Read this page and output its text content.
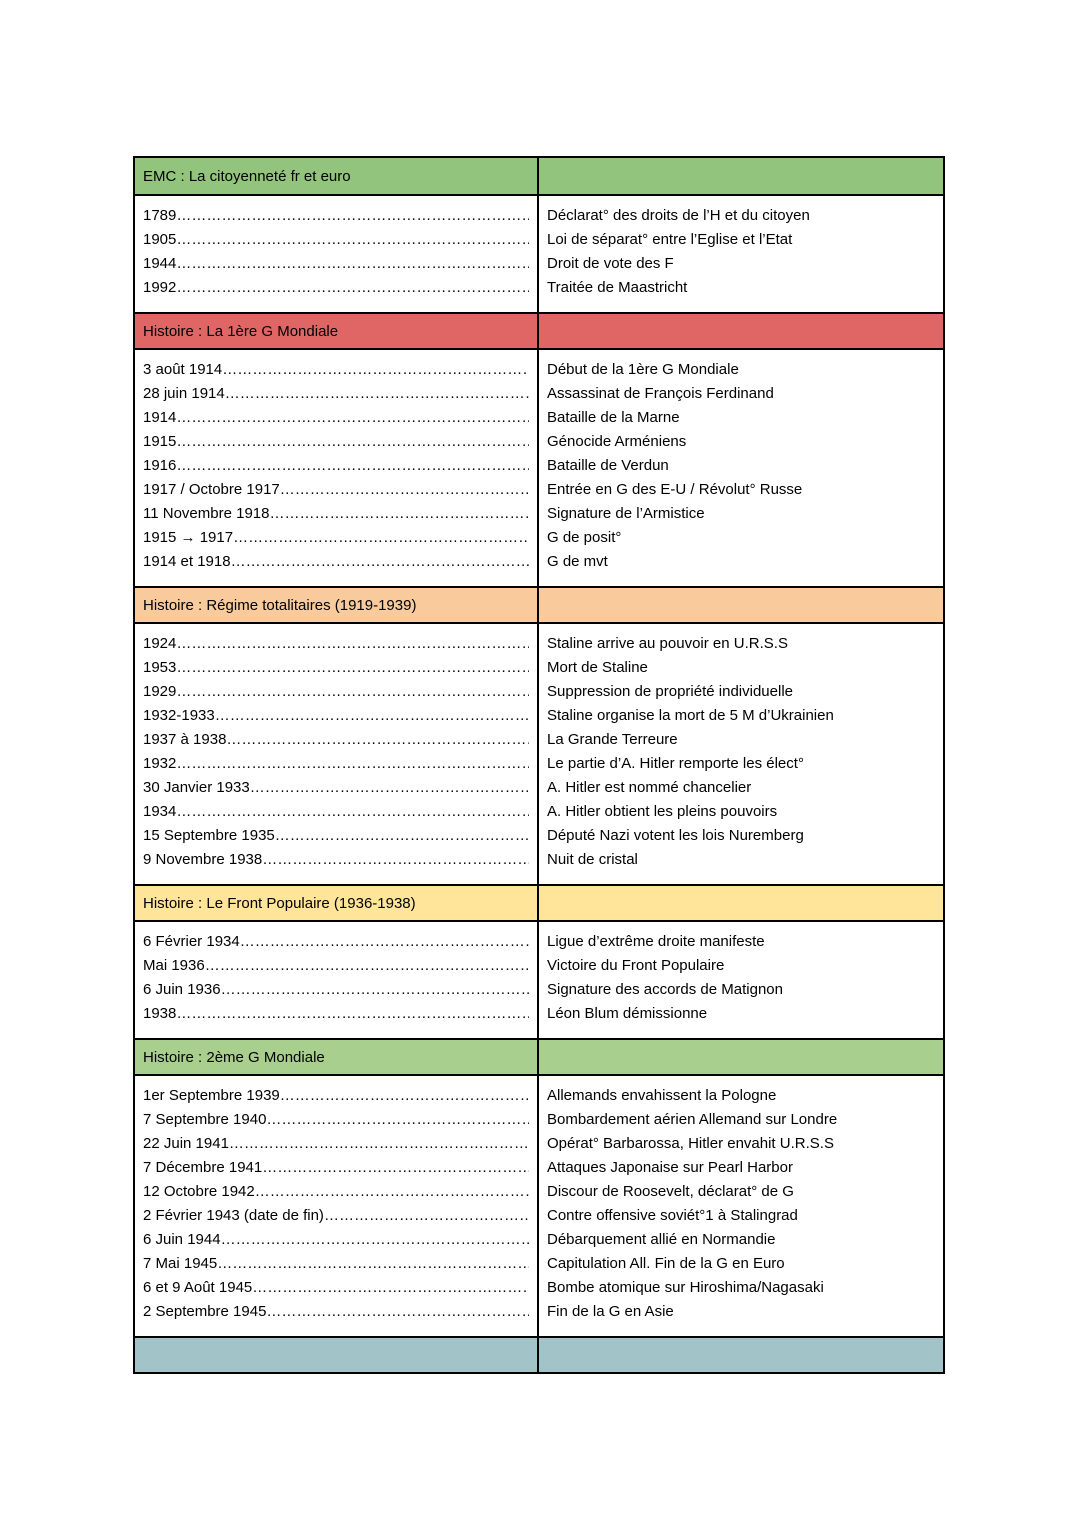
EMC : La citoyenneté fr et euro
1789
……………………………………………………………………………………………………………………………………………………
1905
……………………………………………………………………………………………………………………………………………………
1944
……………………………………………………………………………………………………………………………………………………
1992
……………………………………………………………………………………………………………………………………………………
Déclarat° des droits de l’H et du citoyen
Loi de séparat° entre l’Eglise et l’Etat
Droit de vote des F
Traitée de Maastricht
Histoire : La 1ère G Mondiale
3 août 1914
……………………………………………………………………………………………………………………………………………………
28 juin 1914
……………………………………………………………………………………………………………………………………………………
1914
……………………………………………………………………………………………………………………………………………………
1915
……………………………………………………………………………………………………………………………………………………
1916
……………………………………………………………………………………………………………………………………………………
1917 / Octobre 1917
……………………………………………………………………………………………………………………………………………………
11 Novembre 1918
……………………………………………………………………………………………………………………………………………………
1915 → 1917
……………………………………………………………………………………………………………………………………………………
1914 et 1918
……………………………………………………………………………………………………………………………………………………
Début de la 1ère G Mondiale
Assassinat de François Ferdinand
Bataille de la Marne
Génocide Arméniens
Bataille de Verdun
Entrée en G des E-U / Révolut° Russe
Signature de l’Armistice
G de posit°
G de mvt
Histoire : Régime totalitaires (1919-1939)
1924
……………………………………………………………………………………………………………………………………………………
1953
……………………………………………………………………………………………………………………………………………………
1929
……………………………………………………………………………………………………………………………………………………
1932-1933
……………………………………………………………………………………………………………………………………………………
1937 à 1938
……………………………………………………………………………………………………………………………………………………
1932
……………………………………………………………………………………………………………………………………………………
30 Janvier 1933
……………………………………………………………………………………………………………………………………………………
1934
……………………………………………………………………………………………………………………………………………………
15 Septembre 1935
……………………………………………………………………………………………………………………………………………………
9 Novembre 1938
……………………………………………………………………………………………………………………………………………………
Staline arrive au pouvoir en U.R.S.S
Mort de Staline
Suppression de propriété individuelle
Staline organise la mort de 5 M d’Ukrainien
La Grande Terreure
Le partie d’A. Hitler remporte les élect°
A. Hitler est nommé chancelier
A. Hitler obtient les pleins pouvoirs
Député Nazi votent les lois Nuremberg
Nuit de cristal
Histoire : Le Front Populaire (1936-1938)
6 Février 1934
……………………………………………………………………………………………………………………………………………………
Mai 1936
……………………………………………………………………………………………………………………………………………………
6 Juin 1936
……………………………………………………………………………………………………………………………………………………
1938
……………………………………………………………………………………………………………………………………………………
Ligue d’extrême droite manifeste
Victoire du Front Populaire
Signature des accords de Matignon
Léon Blum démissionne
Histoire : 2ème G Mondiale
1er Septembre 1939
……………………………………………………………………………………………………………………………………………………
7 Septembre 1940
……………………………………………………………………………………………………………………………………………………
22 Juin 1941
……………………………………………………………………………………………………………………………………………………
7 Décembre 1941
……………………………………………………………………………………………………………………………………………………
12 Octobre 1942
……………………………………………………………………………………………………………………………………………………
2 Février 1943 (date de fin)
……………………………………………………………………………………………………………………………………………………
6 Juin 1944
……………………………………………………………………………………………………………………………………………………
7 Mai 1945
……………………………………………………………………………………………………………………………………………………
6 et 9 Août 1945
……………………………………………………………………………………………………………………………………………………
2 Septembre 1945
……………………………………………………………………………………………………………………………………………………
Allemands envahissent la Pologne
Bombardement aérien Allemand sur Londre
Opérat° Barbarossa, Hitler envahit U.R.S.S
Attaques Japonaise sur Pearl Harbor
Discour de Roosevelt, déclarat° de G
Contre offensive soviét°1 à Stalingrad
Débarquement allié en Normandie
Capitulation All. Fin de la G en Euro
Bombe atomique sur Hiroshima/Nagasaki
Fin de la G en Asie
